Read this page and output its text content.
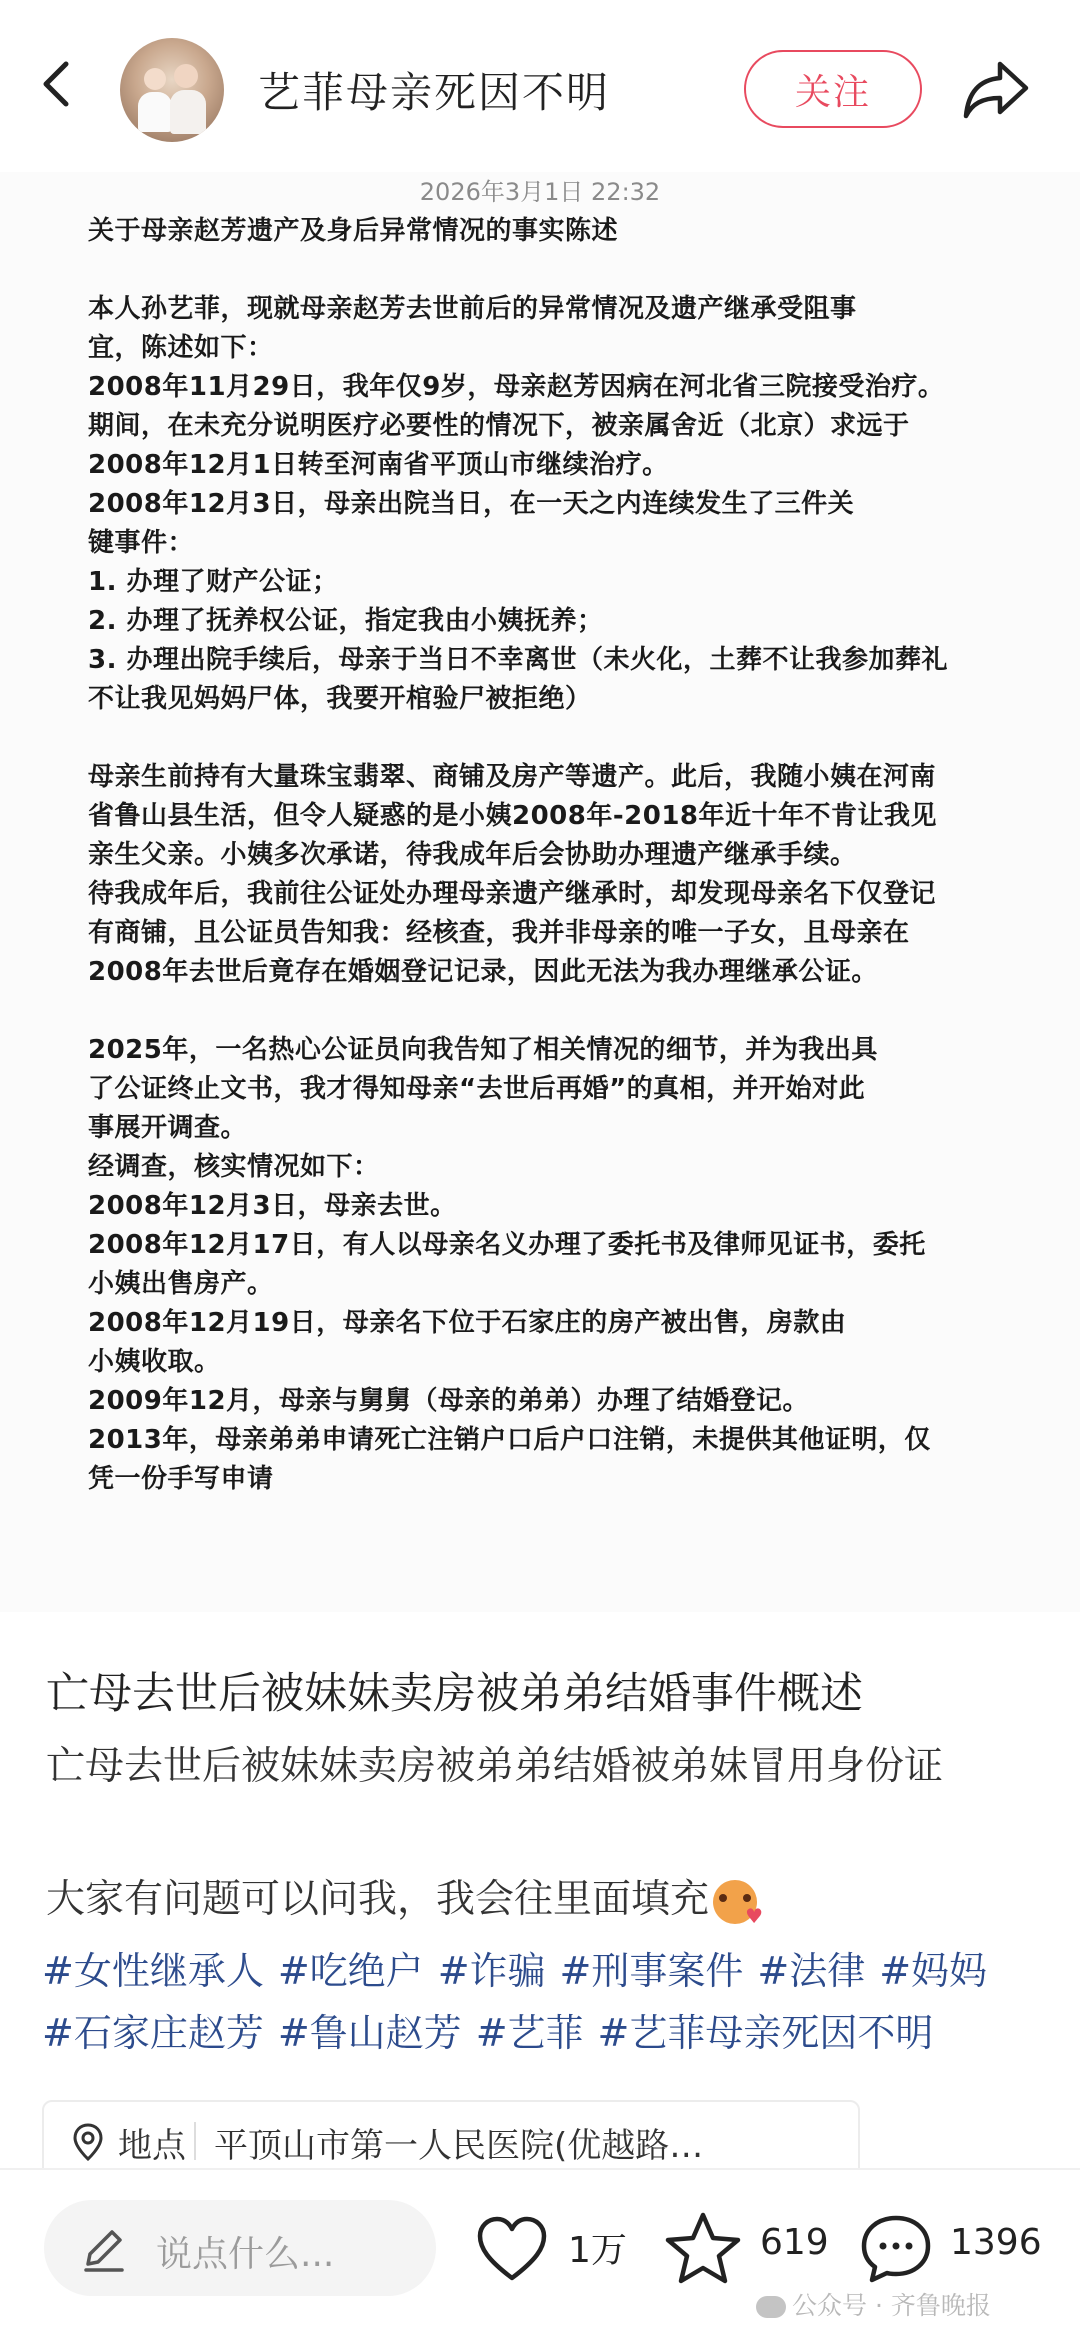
艺菲母亲死因不明	关注
2026年3月1日 22:32
关于母亲赵芳遗产及身后异常情况的事实陈述
本人孙艺菲，现就母亲赵芳去世前后的异常情况及遗产继承受阻事
宜，陈述如下：
2008年11月29日，我年仅9岁，母亲赵芳因病在河北省三院接受治疗。
期间，在未充分说明医疗必要性的情况下，被亲属舍近（北京）求远于
2008年12月1日转至河南省平顶山市继续治疗。
2008年12月3日，母亲出院当日，在一天之内连续发生了三件关
键事件：
1. 办理了财产公证；
2. 办理了抚养权公证，指定我由小姨抚养；
3. 办理出院手续后，母亲于当日不幸离世（未火化，土葬不让我参加葬礼
不让我见妈妈尸体，我要开棺验尸被拒绝）
母亲生前持有大量珠宝翡翠、商铺及房产等遗产。此后，我随小姨在河南
省鲁山县生活，但令人疑惑的是小姨2008年-2018年近十年不肯让我见
亲生父亲。小姨多次承诺，待我成年后会协助办理遗产继承手续。
待我成年后，我前往公证处办理母亲遗产继承时，却发现母亲名下仅登记
有商铺，且公证员告知我：经核查，我并非母亲的唯一子女，且母亲在
2008年去世后竟存在婚姻登记记录，因此无法为我办理继承公证。
2025年，一名热心公证员向我告知了相关情况的细节，并为我出具
了公证终止文书，我才得知母亲“去世后再婚”的真相，并开始对此
事展开调查。
经调查，核实情况如下：
2008年12月3日，母亲去世。
2008年12月17日，有人以母亲名义办理了委托书及律师见证书，委托
小姨出售房产。
2008年12月19日，母亲名下位于石家庄的房产被出售，房款由
小姨收取。
2009年12月，母亲与舅舅（母亲的弟弟）办理了结婚登记。
2013年，母亲弟弟申请死亡注销户口后户口注销，未提供其他证明，仅
凭一份手写申请
亡母去世后被妹妹卖房被弟弟结婚事件概述
亡母去世后被妹妹卖房被弟弟结婚被弟妹冒用身份证
大家有问题可以问我，我会往里面填充 ♥
#女性继承人 #吃绝户 #诈骗 #刑事案件 #法律 #妈妈#石家庄赵芳 #鲁山赵芳 #艺菲 #艺菲母亲死因不明
地点 平顶山市第一人民医院(优越路…
说点什么...	1万	619	1396
公众号 · 齐鲁晚报
